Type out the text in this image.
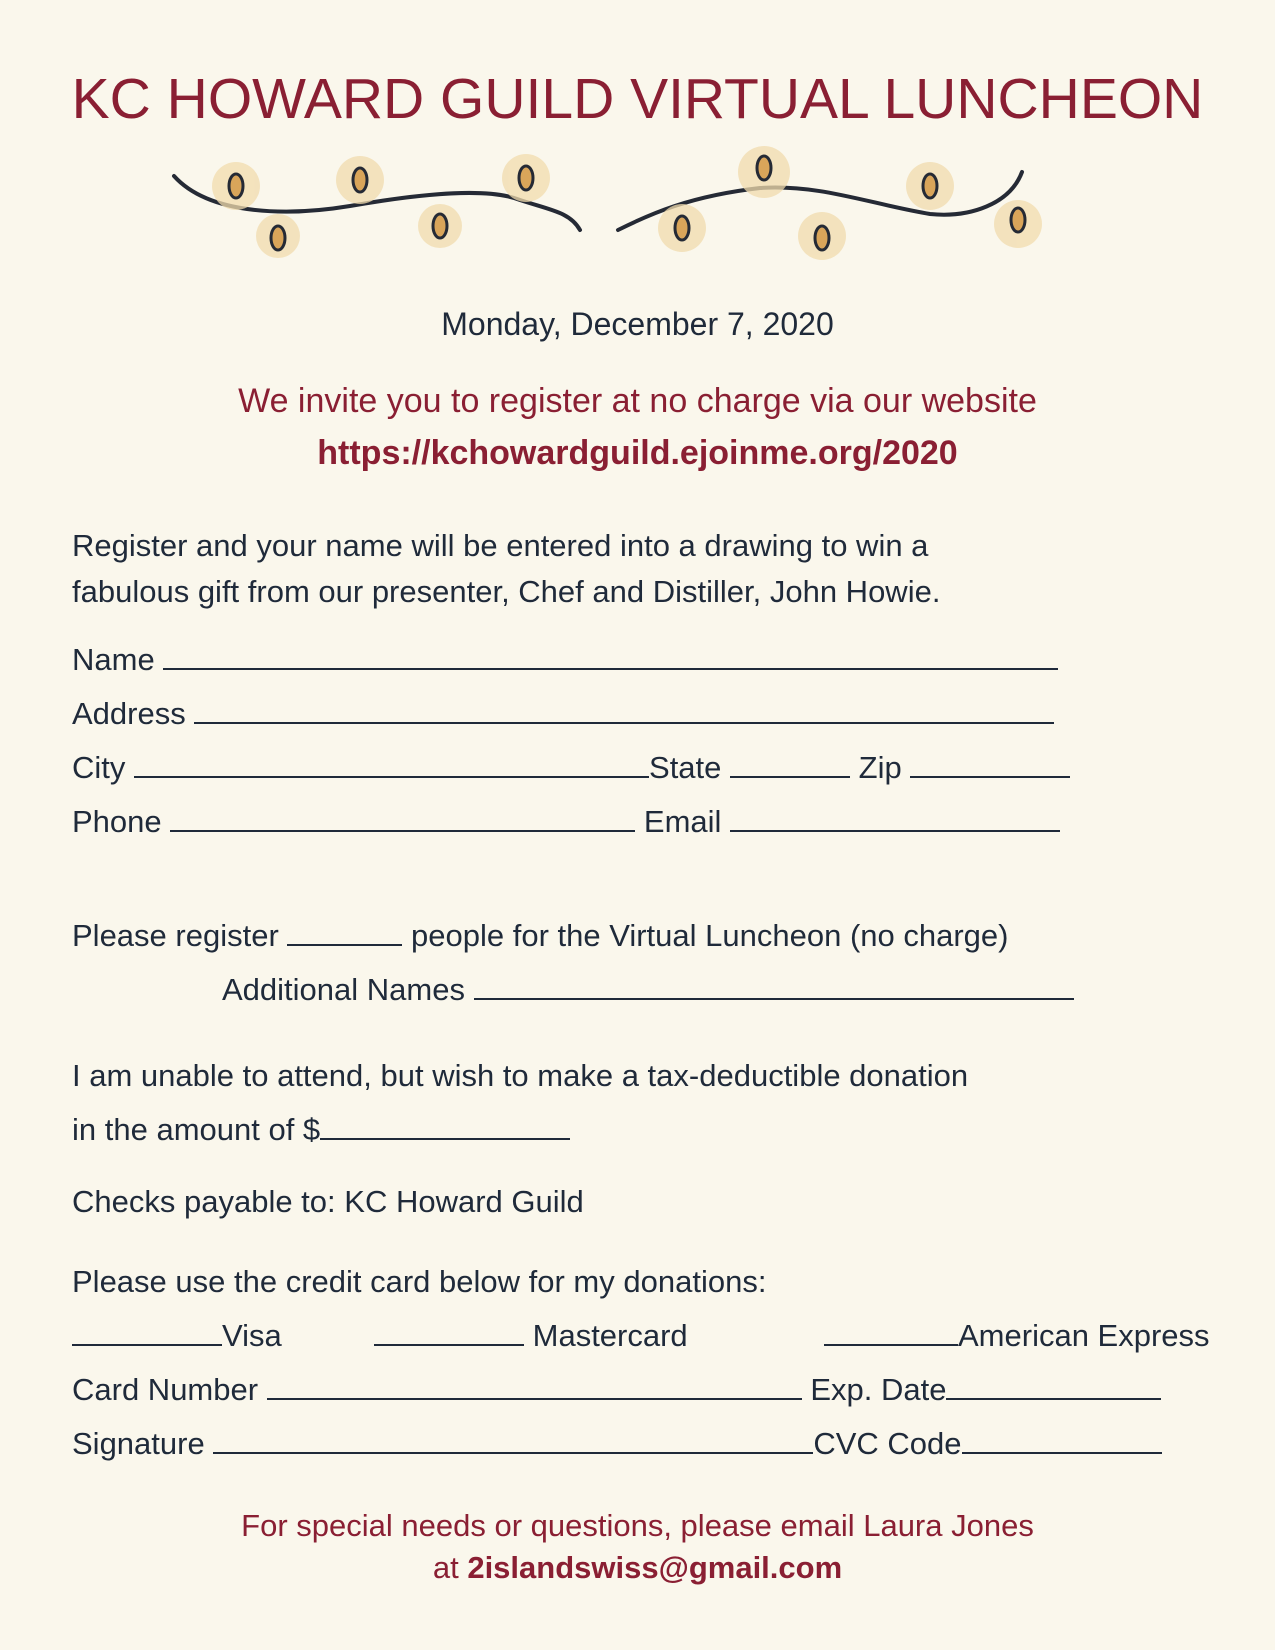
KC HOWARD GUILD VIRTUAL LUNCHEON
Monday, December 7, 2020
We invite you to register at no charge via our website
https://kchowardguild.ejoinme.org/2020
Register and your name will be entered into a drawing to win a
fabulous gift from our presenter, Chef and Distiller, John Howie.
Name
Address
City	State	Zip
Phone	Email
Please register	people for the Virtual Luncheon (no charge)
Additional Names
I am unable to attend, but wish to make a tax-deductible donation
in the amount of $
Checks payable to: KC Howard Guild
Please use the credit card below for my donations:
Visa	Mastercard	American Express
Card Number	Exp. Date
Signature	CVC Code
For special needs or questions, please email Laura Jones
at 2islandswiss@gmail.com
